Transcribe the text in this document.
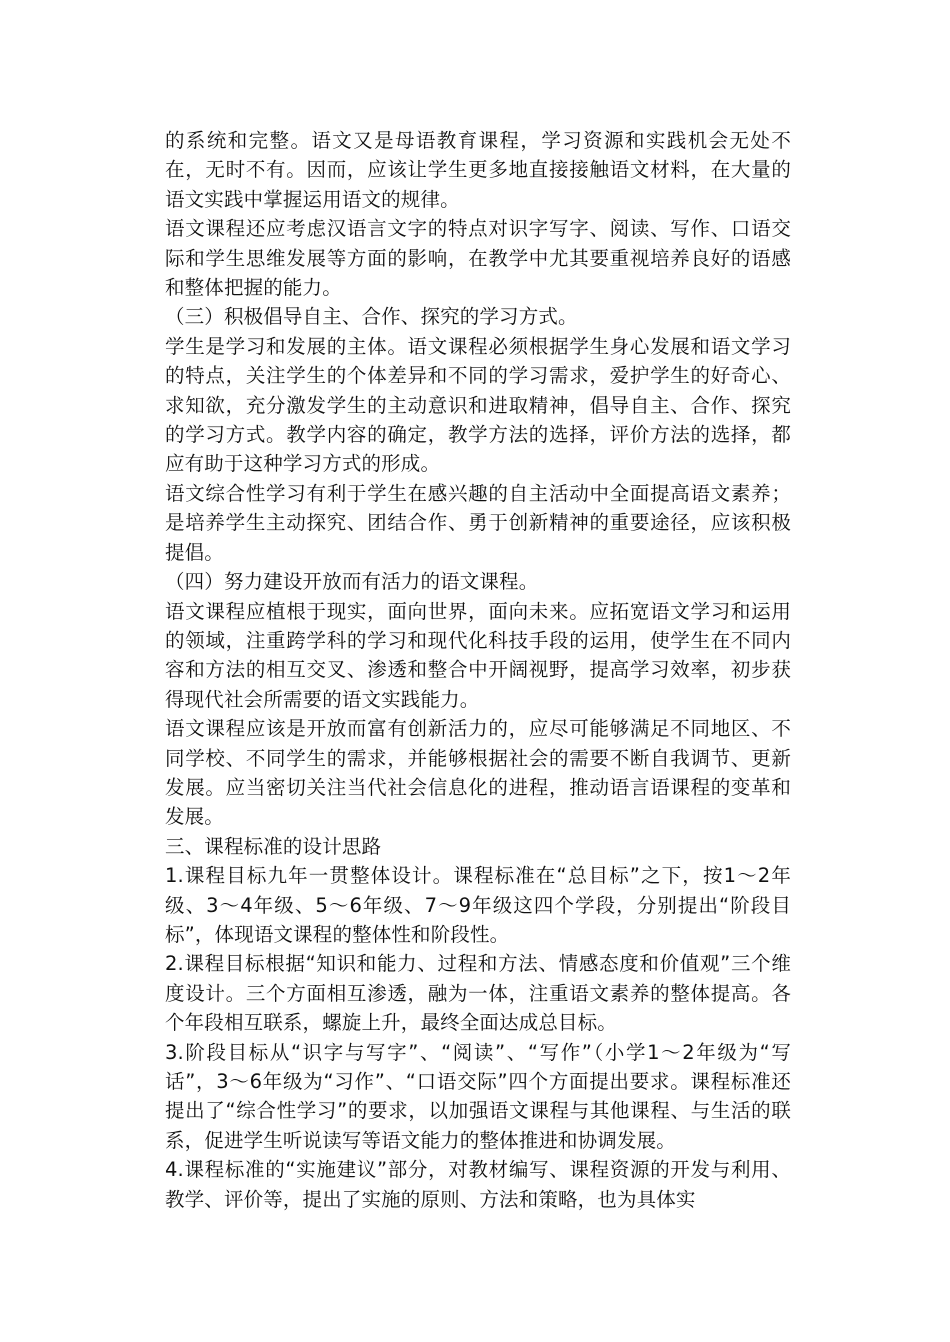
的系统和完整。语文又是母语教育课程，学习资源和实践机会无处不在，无时不有。因而，应该让学生更多地直接接触语文材料，在大量的语文实践中掌握运用语文的规律。

语文课程还应考虑汉语言文字的特点对识字写字、阅读、写作、口语交际和学生思维发展等方面的影响，在教学中尤其要重视培养良好的语感和整体把握的能力。

（三）积极倡导自主、合作、探究的学习方式。

学生是学习和发展的主体。语文课程必须根据学生身心发展和语文学习的特点，关注学生的个体差异和不同的学习需求，爱护学生的好奇心、求知欲，充分激发学生的主动意识和进取精神，倡导自主、合作、探究的学习方式。教学内容的确定，教学方法的选择，评价方法的选择，都应有助于这种学习方式的形成。

语文综合性学习有利于学生在感兴趣的自主活动中全面提高语文素养；是培养学生主动探究、团结合作、勇于创新精神的重要途径，应该积极提倡。

（四）努力建设开放而有活力的语文课程。

语文课程应植根于现实，面向世界，面向未来。应拓宽语文学习和运用的领域，注重跨学科的学习和现代化科技手段的运用，使学生在不同内容和方法的相互交叉、渗透和整合中开阔视野，提高学习效率，初步获得现代社会所需要的语文实践能力。

语文课程应该是开放而富有创新活力的，应尽可能够满足不同地区、不同学校、不同学生的需求，并能够根据社会的需要不断自我调节、更新发展。应当密切关注当代社会信息化的进程，推动语言语课程的变革和发展。

三、课程标准的设计思路

1.课程目标九年一贯整体设计。课程标准在“总目标”之下，按1～2年级、3～4年级、5～6年级、7～9年级这四个学段，分别提出“阶段目标”，体现语文课程的整体性和阶段性。

2.课程目标根据“知识和能力、过程和方法、情感态度和价值观”三个维度设计。三个方面相互渗透，融为一体，注重语文素养的整体提高。各个年段相互联系，螺旋上升，最终全面达成总目标。

3.阶段目标从“识字与写字”、“阅读”、“写作”（小学1～2年级为“写话”，3～6年级为“习作”、“口语交际”四个方面提出要求。课程标准还提出了“综合性学习”的要求，以加强语文课程与其他课程、与生活的联系，促进学生听说读写等语文能力的整体推进和协调发展。

4.课程标准的“实施建议”部分，对教材编写、课程资源的开发与利用、教学、评价等，提出了实施的原则、方法和策略，也为具体实
